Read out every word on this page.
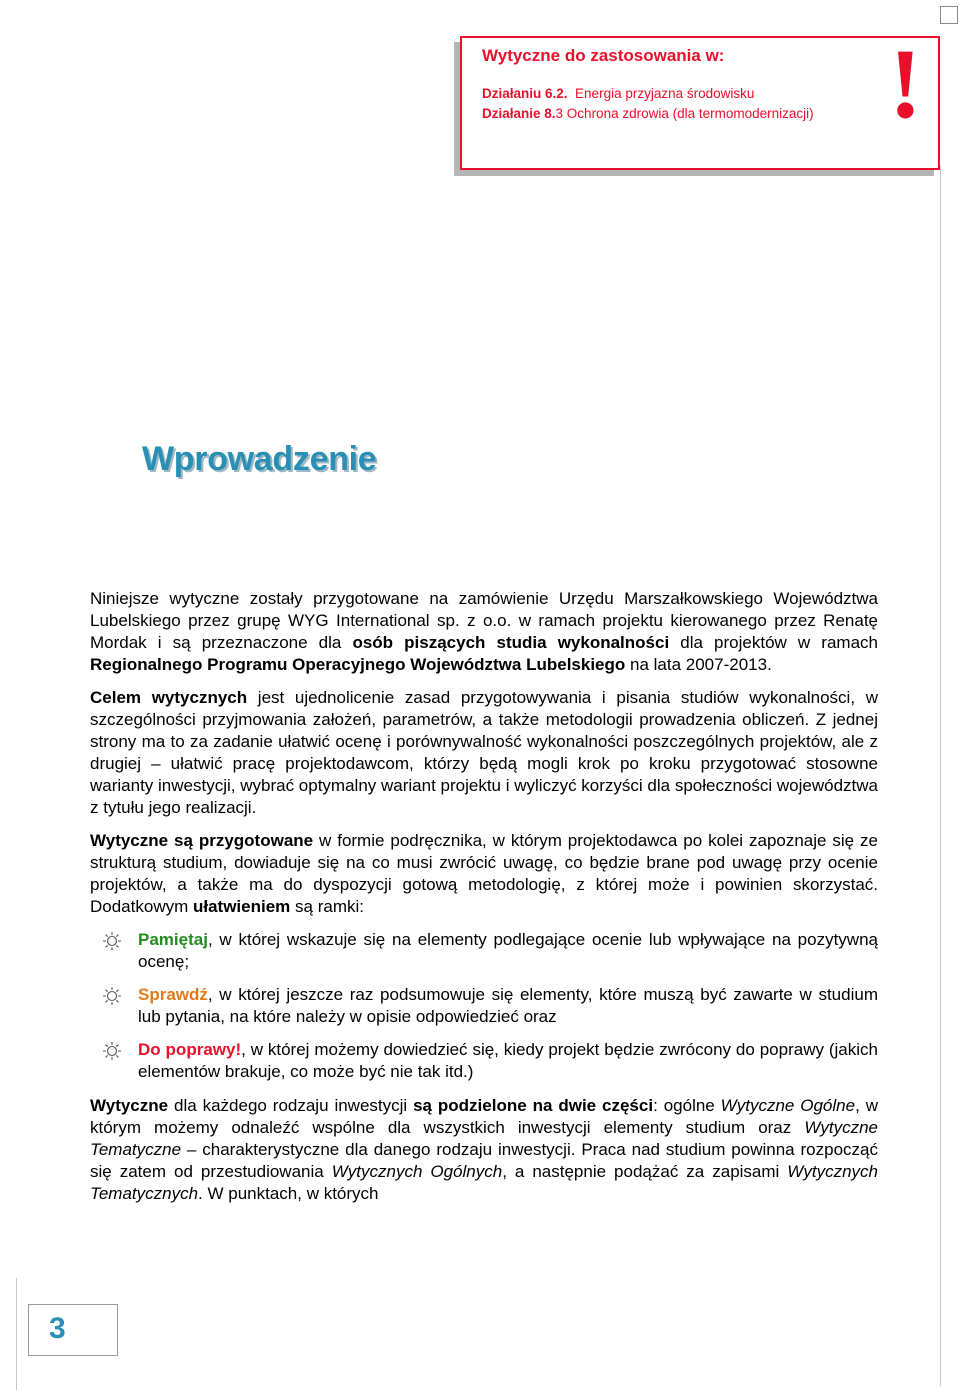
Wytyczne do zastosowania w:
Działaniu 6.2. Energia przyjazna środowisku
Działanie 8.3 Ochrona zdrowia (dla termomodernizacji) !
Wprowadzenie

Niniejsze wytyczne zostały przygotowane na zamówienie Urzędu Marszałkowskiego Województwa Lubelskiego przez grupę WYG International sp. z o.o. w ramach projektu kierowanego przez Renatę Mordak i są przeznaczone dla osób piszących studia wykonalności dla projektów w ramach Regionalnego Programu Operacyjnego Województwa Lubelskiego na lata 2007-2013.

Celem wytycznych jest ujednolicenie zasad przygotowywania i pisania studiów wykonalności, w szczególności przyjmowania założeń, parametrów, a także metodologii prowadzenia obliczeń. Z jednej strony ma to za zadanie ułatwić ocenę i porównywalność wykonalności poszczególnych projektów, ale z drugiej – ułatwić pracę projektodawcom, którzy będą mogli krok po kroku przygotować stosowne warianty inwestycji, wybrać optymalny wariant projektu i wyliczyć korzyści dla społeczności województwa z tytułu jego realizacji.

Wytyczne są przygotowane w formie podręcznika, w którym projektodawca po kolei zapoznaje się ze strukturą studium, dowiaduje się na co musi zwrócić uwagę, co będzie brane pod uwagę przy ocenie projektów, a także ma do dyspozycji gotową metodologię, z której może i powinien skorzystać. Dodatkowym ułatwieniem są ramki:

Pamiętaj, w której wskazuje się na elementy podlegające ocenie lub wpływające na pozytywną ocenę;
Sprawdź, w której jeszcze raz podsumowuje się elementy, które muszą być zawarte w studium lub pytania, na które należy w opisie odpowiedzieć oraz
Do poprawy!, w której możemy dowiedzieć się, kiedy projekt będzie zwrócony do poprawy (jakich elementów brakuje, co może być nie tak itd.)

Wytyczne dla każdego rodzaju inwestycji są podzielone na dwie części: ogólne Wytyczne Ogólne, w którym możemy odnaleźć wspólne dla wszystkich inwestycji elementy studium oraz Wytyczne Tematyczne – charakterystyczne dla danego rodzaju inwestycji. Praca nad studium powinna rozpocząć się zatem od przestudiowania Wytycznych Ogólnych, a następnie podążać za zapisami Wytycznych Tematycznych. W punktach, w których

3
